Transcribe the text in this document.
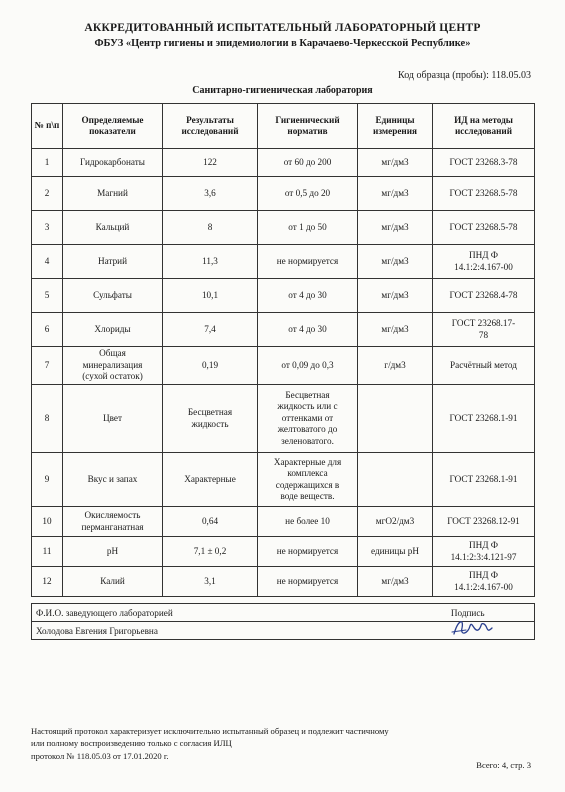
АККРЕДИТОВАННЫЙ ИСПЫТАТЕЛЬНЫЙ ЛАБОРАТОРНЫЙ ЦЕНТР
ФБУЗ «Центр гигиены и эпидемиологии в Карачаево-Черкесской Республике»
Код образца (пробы): 118.05.03
Санитарно-гигиеническая лаборатория
№ п\п	Определяемые показатели	Результаты исследований	Гигиенический норматив	Единицы измерения	ИД на методы исследований
1	Гидрокарбонаты	122	от 60 до 200	мг/дм3	ГОСТ 23268.3-78
2	Магний	3,6	от 0,5 до 20	мг/дм3	ГОСТ 23268.5-78
3	Кальций	8	от 1 до 50	мг/дм3	ГОСТ 23268.5-78
4	Натрий	11,3	не нормируется	мг/дм3	ПНД Ф
14.1:2:4.167-00
5	Сульфаты	10,1	от 4 до 30	мг/дм3	ГОСТ 23268.4-78
6	Хлориды	7,4	от 4 до 30	мг/дм3	ГОСТ 23268.17-
78
7	Общая
минерализация
(сухой остаток)	0,19	от 0,09 до 0,3	г/дм3	Расчётный метод
8	Цвет	Бесцветная
жидкость	Бесцветная
жидкость или с
оттенками от
желтоватого до
зеленоватого.		ГОСТ 23268.1-91
9	Вкус и запах	Характерные	Характерные для
комплекса
содержащихся в
воде веществ.		ГОСТ 23268.1-91
10	Окисляемость
перманганатная	0,64	не более 10	мгО2/дм3	ГОСТ 23268.12-91
11	pH	7,1 ± 0,2	не нормируется	единицы pH	ПНД Ф
14.1:2:3:4.121-97
12	Калий	3,1	не нормируется	мг/дм3	ПНД Ф
14.1:2:4.167-00
Ф.И.О. заведующего лабораторией	Подпись
Холодова Евгения Григорьевна	
Настоящий протокол характеризует исключительно испытанный образец и подлежит частичному
или полному воспроизведению только с согласия ИЛЦ
протокол № 118.05.03 от 17.01.2020 г.
Всего: 4, стр. 3
